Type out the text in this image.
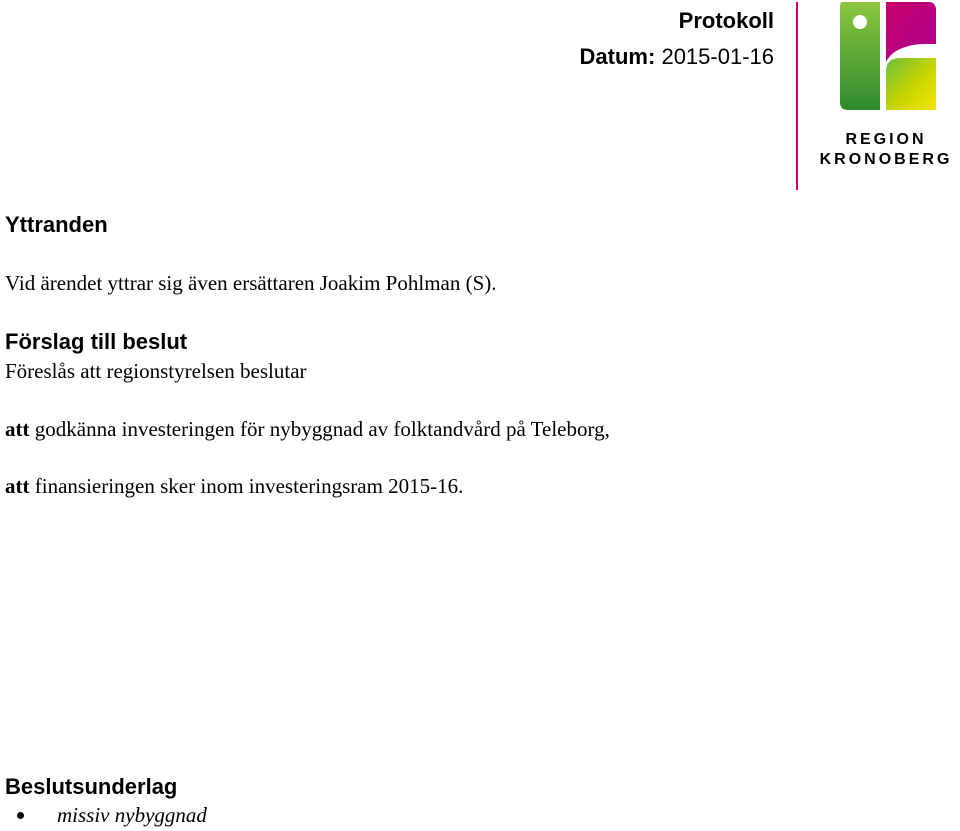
Protokoll
Datum: 2015-01-16
REGION
KRONOBERG
Yttranden
Vid ärendet yttrar sig även ersättaren Joakim Pohlman (S).
Förslag till beslut
Föreslås att regionstyrelsen beslutar
att godkänna investeringen för nybyggnad av folktandvård på Teleborg,
att finansieringen sker inom investeringsram 2015-16.
Beslutsunderlag
missiv nybyggnad
